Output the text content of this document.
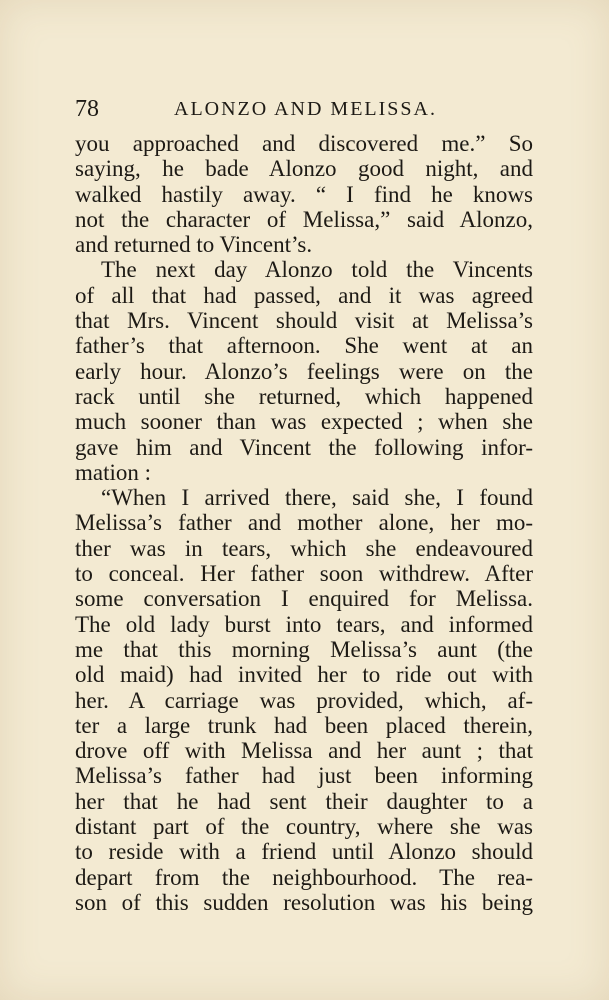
78	ALONZO AND MELISSA.
you approached and discovered me.” So
saying, he bade Alonzo good night, and
walked hastily away. “ I find he knows
not the character of Melissa,” said Alonzo,
and returned to Vincent’s.
The next day Alonzo told the Vincents
of all that had passed, and it was agreed
that Mrs. Vincent should visit at Melissa’s
father’s that afternoon. She went at an
early hour. Alonzo’s feelings were on the
rack until she returned, which happened
much sooner than was expected ; when she
gave him and Vincent the following infor-
mation :
“When I arrived there, said she, I found
Melissa’s father and mother alone, her mo-
ther was in tears, which she endeavoured
to conceal. Her father soon withdrew. After
some conversation I enquired for Melissa.
The old lady burst into tears, and informed
me that this morning Melissa’s aunt (the
old maid) had invited her to ride out with
her. A carriage was provided, which, af-
ter a large trunk had been placed therein,
drove off with Melissa and her aunt ; that
Melissa’s father had just been informing
her that he had sent their daughter to a
distant part of the country, where she was
to reside with a friend until Alonzo should
depart from the neighbourhood. The rea-
son of this sudden resolution was his being
